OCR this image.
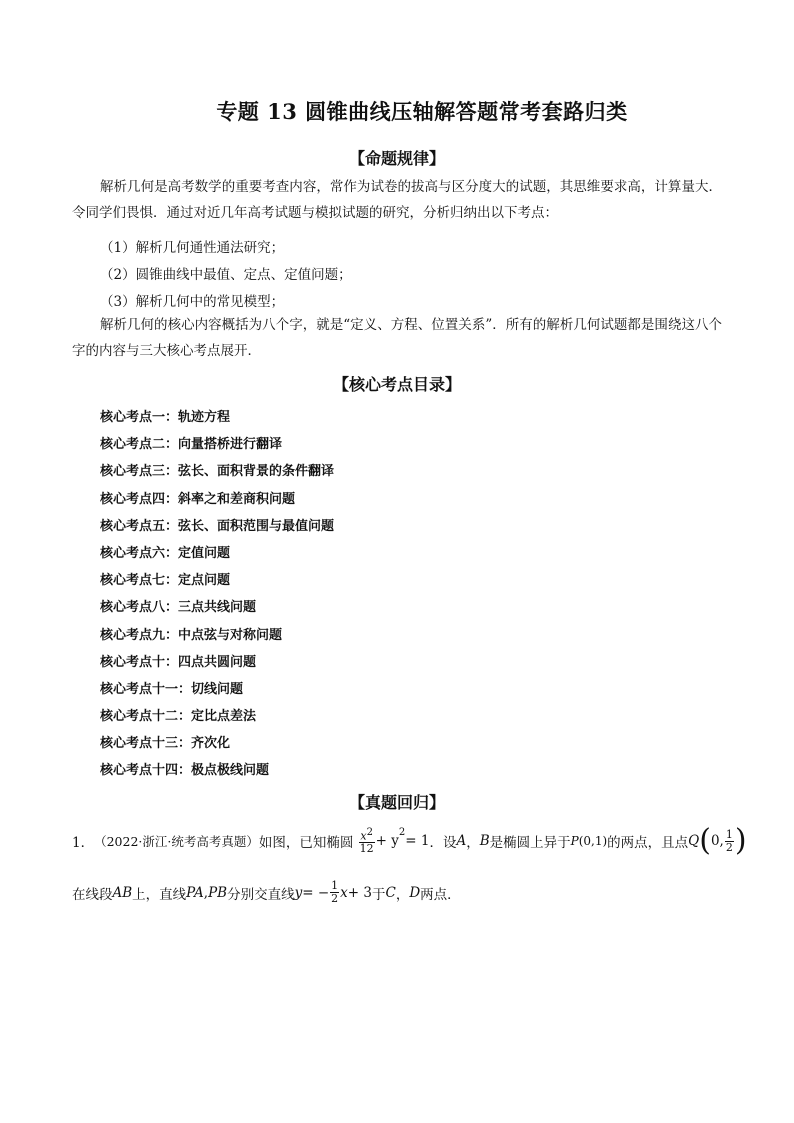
专题 13 圆锥曲线压轴解答题常考套路归类
【命题规律】
解析几何是高考数学的重要考查内容，常作为试卷的拔高与区分度大的试题，其思维要求高，计算量大．令同学们畏惧．通过对近几年高考试题与模拟试题的研究，分析归纳出以下考点：
（1）解析几何通性通法研究；
（2）圆锥曲线中最值、定点、定值问题；
（3）解析几何中的常见模型；
解析几何的核心内容概括为八个字，就是“定义、方程、位置关系”．所有的解析几何试题都是围绕这八个字的内容与三大核心考点展开．
【核心考点目录】
核心考点一：轨迹方程
核心考点二：向量搭桥进行翻译
核心考点三：弦长、面积背景的条件翻译
核心考点四：斜率之和差商积问题
核心考点五：弦长、面积范围与最值问题
核心考点六：定值问题
核心考点七：定点问题
核心考点八：三点共线问题
核心考点九：中点弦与对称问题
核心考点十：四点共圆问题
核心考点十一：切线问题
核心考点十二：定比点差法
核心考点十三：齐次化
核心考点十四：极点极线问题
【真题回归】
1．（2022·浙江·统考高考真题）如图，已知椭圆 $\frac{x^2}{12} + y^2= 1$．设A，B是椭圆上异于P(0,1)的两点，且点Q(0, $\frac{1}{2}$ )
在线段AB上，直线PA,PB分别交直线$y= - \frac{1}{2} x+ 3$于C，D两点．
